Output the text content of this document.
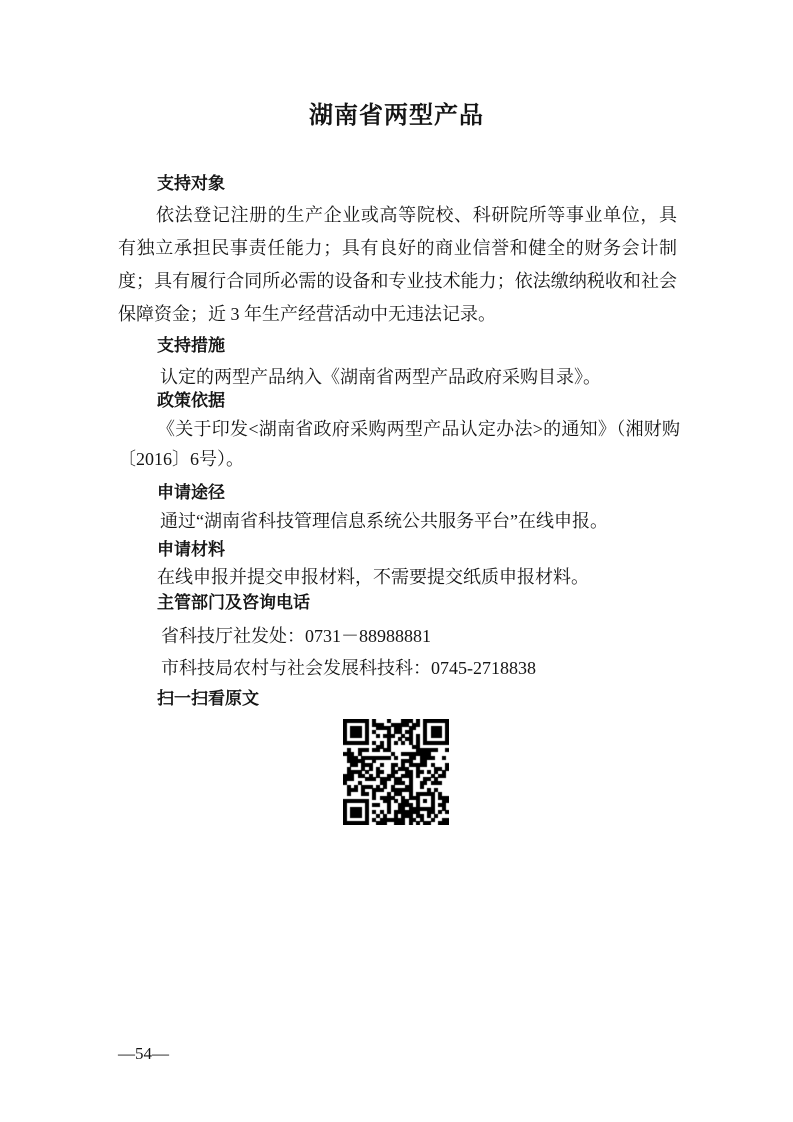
湖南省两型产品
支持对象

依法登记注册的生产企业或高等院校、科研院所等事业单位，具有独立承担民事责任能力；具有良好的商业信誉和健全的财务会计制度；具有履行合同所必需的设备和专业技术能力；依法缴纳税收和社会保障资金；近 3 年生产经营活动中无违法记录。

支持措施

认定的两型产品纳入《湖南省两型产品政府采购目录》。

政策依据

《关于印发<湖南省政府采购两型产品认定办法>的通知》（湘财购〔2016〕6号）。

申请途径

通过“湖南省科技管理信息系统公共服务平台”在线申报。

申请材料

在线申报并提交申报材料，不需要提交纸质申报材料。

主管部门及咨询电话

省科技厅社发处：0731－88988881

市科技局农村与社会发展科技科：0745-2718838

扫一扫看原文
—54—
